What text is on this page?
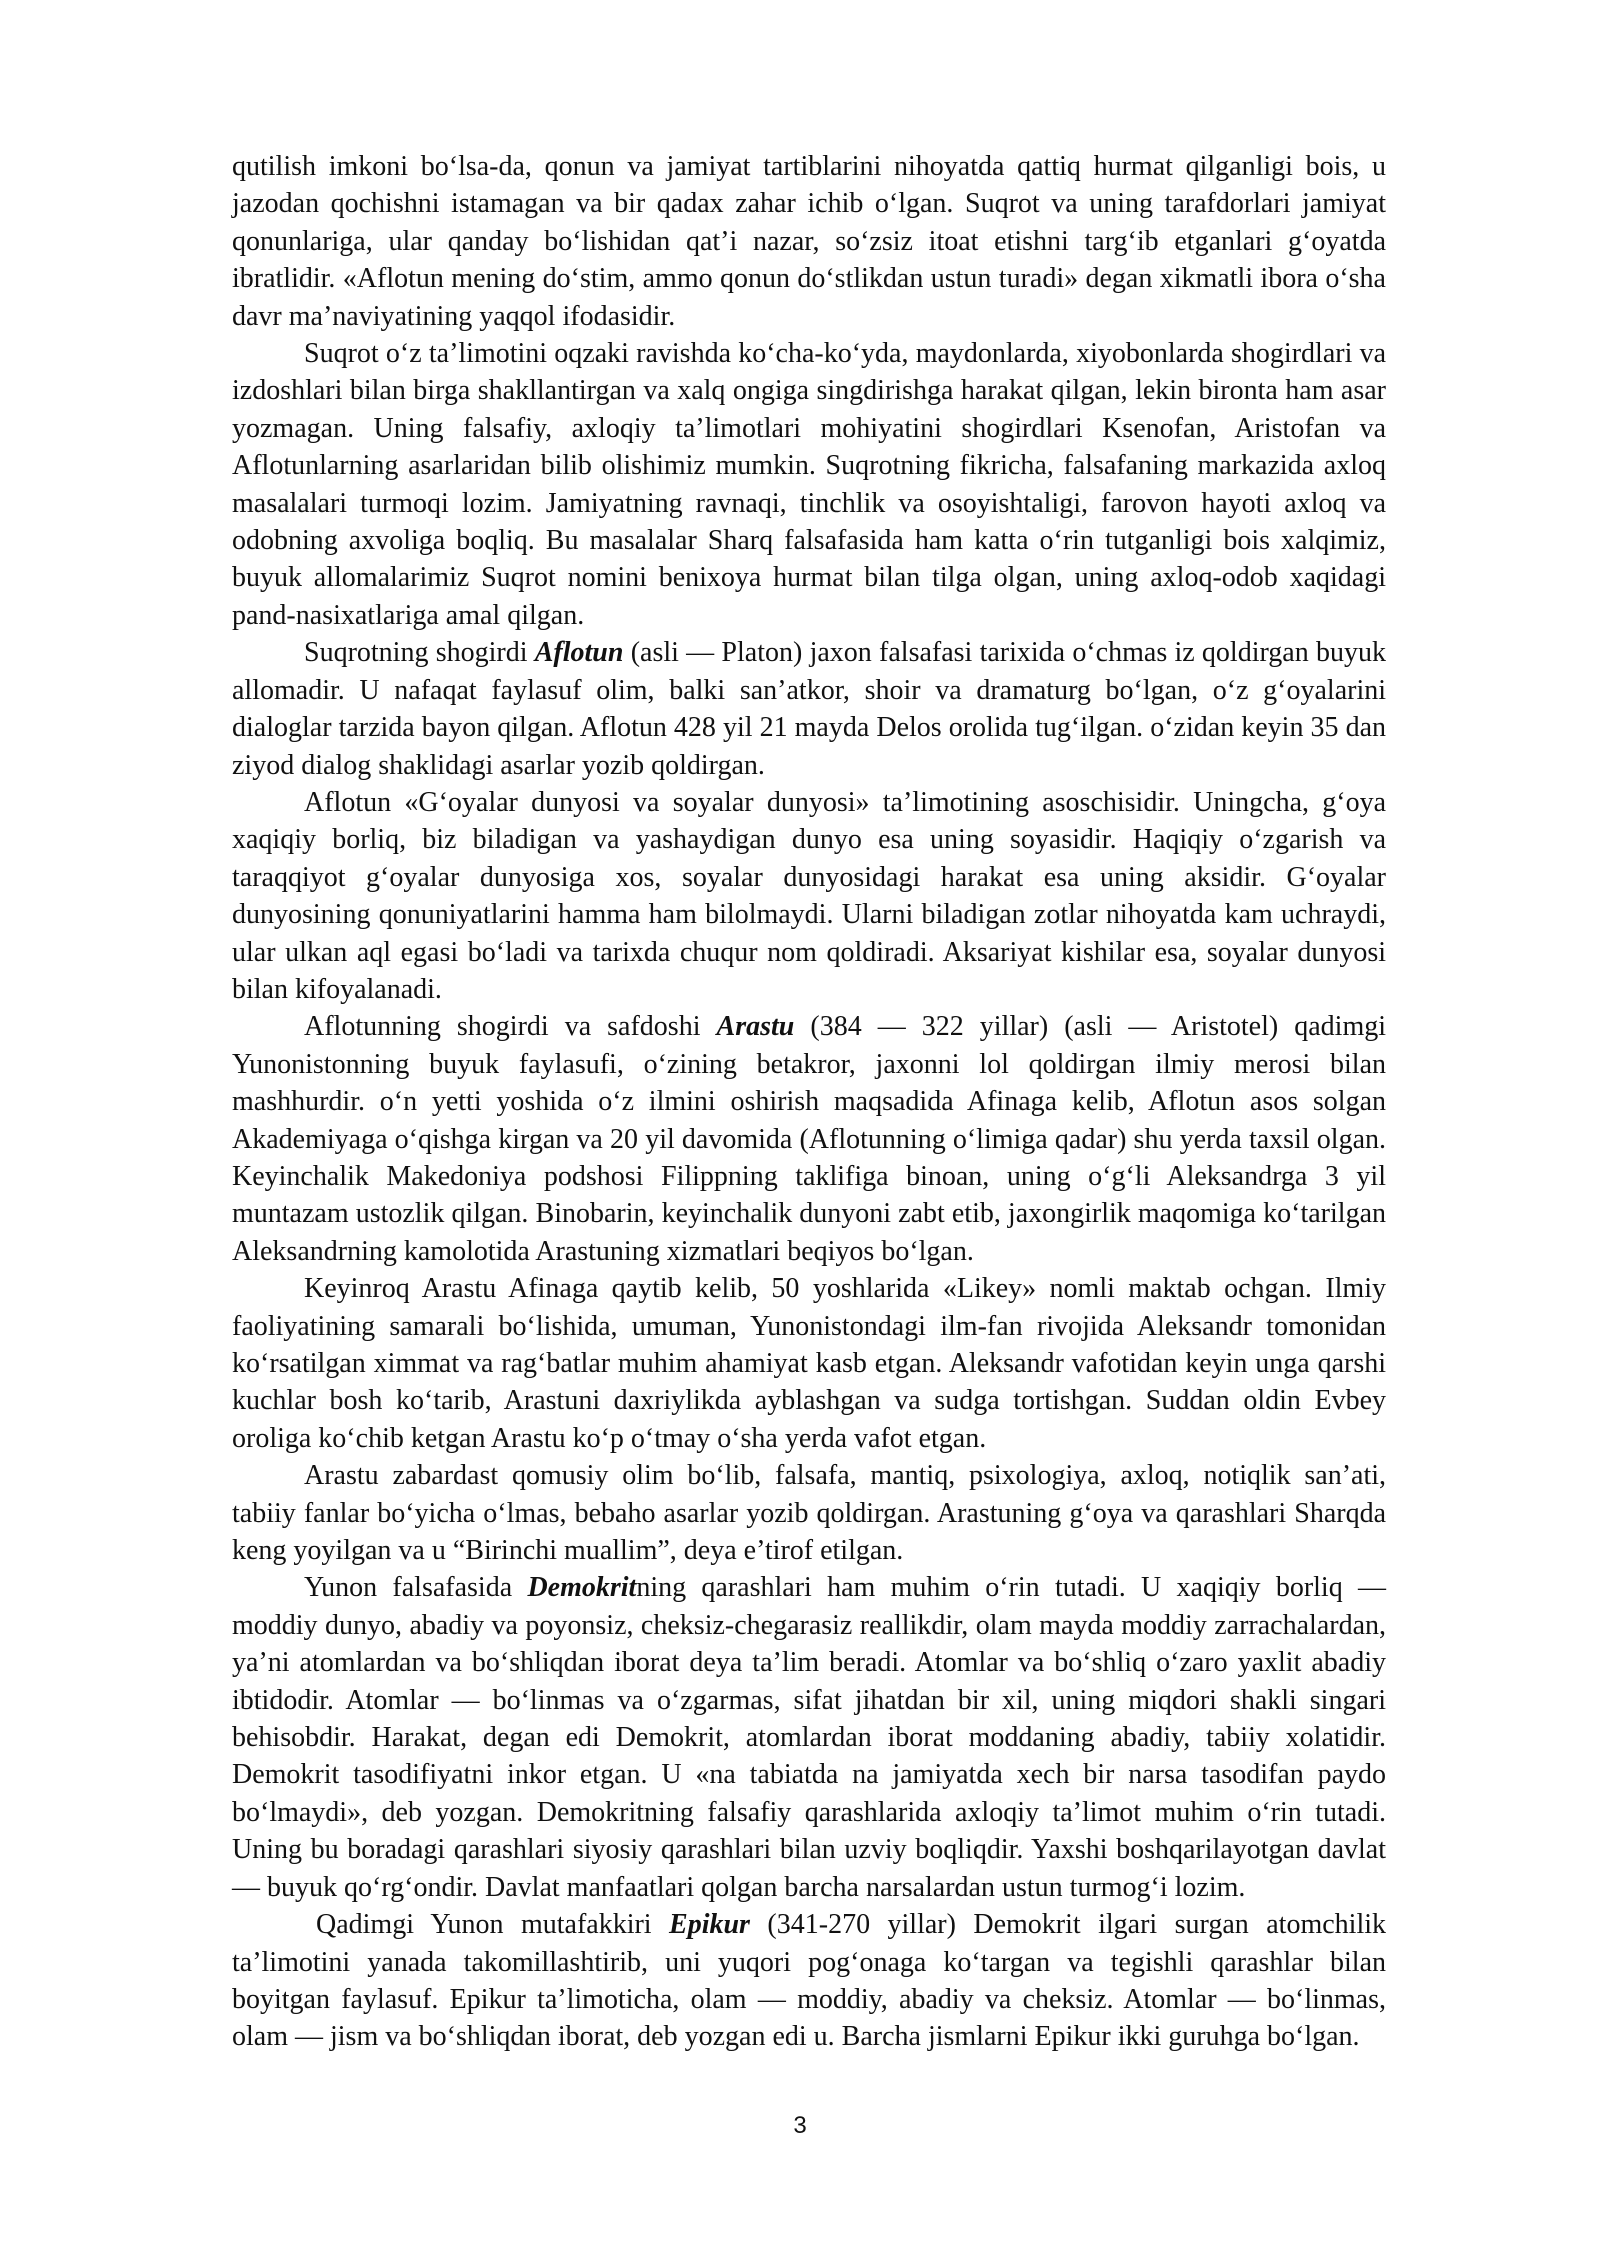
qutilish imkoni bo‘lsa-da, qonun va jamiyat tartiblarini nihoyatda qattiq hurmat qilganligi bois, u jazodan qochishni istamagan va bir qadax zahar ichib o‘lgan. Suqrot va uning tarafdorlari jamiyat qonunlariga, ular qanday bo‘lishidan qat’i nazar, so‘zsiz itoat etishni targ‘ib etganlari g‘oyatda ibratlidir. «Aflotun mening do‘stim, ammo qonun do‘stlikdan ustun turadi» degan xikmatli ibora o‘sha davr ma’naviyatining yaqqol ifodasidir.

Suqrot o‘z ta’limotini oqzaki ravishda ko‘cha-ko‘yda, maydonlarda, xiyobonlarda shogirdlari va izdoshlari bilan birga shakllantirgan va xalq ongiga singdirishga harakat qilgan, lekin bironta ham asar yozmagan. Uning falsafiy, axloqiy ta’limotlari mohiyatini shogirdlari Ksenofan, Aristofan va Aflotunlarning asarlaridan bilib olishimiz mumkin. Suqrotning fikricha, falsafaning markazida axloq masalalari turmoqi lozim. Jamiyatning ravnaqi, tinchlik va osoyishtaligi, farovon hayoti axloq va odobning axvoliga boqliq. Bu masalalar Sharq falsafasida ham katta o‘rin tutganligi bois xalqimiz, buyuk allomalarimiz Suqrot nomini benixoya hurmat bilan tilga olgan, uning axloq-odob xaqidagi pand-nasixatlariga amal qilgan.

Suqrotning shogirdi Aflotun (asli — Platon) jaxon falsafasi tarixida o‘chmas iz qoldirgan buyuk allomadir. U nafaqat faylasuf olim, balki san’atkor, shoir va dramaturg bo‘lgan, o‘z g‘oyalarini dialoglar tarzida bayon qilgan. Aflotun 428 yil 21 mayda Delos orolida tug‘ilgan. o‘zidan keyin 35 dan ziyod dialog shaklidagi asarlar yozib qoldirgan.

Aflotun «G‘oyalar dunyosi va soyalar dunyosi» ta’limotining asoschisidir. Uningcha, g‘oya xaqiqiy borliq, biz biladigan va yashaydigan dunyo esa uning soyasidir. Haqiqiy o‘zgarish va taraqqiyot g‘oyalar dunyosiga xos, soyalar dunyosidagi harakat esa uning aksidir. G‘oyalar dunyosining qonuniyatlarini hamma ham bilolmaydi. Ularni biladigan zotlar nihoyatda kam uchraydi, ular ulkan aql egasi bo‘ladi va tarixda chuqur nom qoldiradi. Aksariyat kishilar esa, soyalar dunyosi bilan kifoyalanadi.

Aflotunning shogirdi va safdoshi Arastu (384 — 322 yillar) (asli — Aristotel) qadimgi Yunonistonning buyuk faylasufi, o‘zining betakror, jaxonni lol qoldirgan ilmiy merosi bilan mashhurdir. o‘n yetti yoshida o‘z ilmini oshirish maqsadida Afinaga kelib, Aflotun asos solgan Akademiyaga o‘qishga kirgan va 20 yil davomida (Aflotunning o‘limiga qadar) shu yerda taxsil olgan. Keyinchalik Makedoniya podshosi Filippning taklifiga binoan, uning o‘g‘li Aleksandrga 3 yil muntazam ustozlik qilgan. Binobarin, keyinchalik dunyoni zabt etib, jaxongirlik maqomiga ko‘tarilgan Aleksandrning kamolotida Arastuning xizmatlari beqiyos bo‘lgan.

Keyinroq Arastu Afinaga qaytib kelib, 50 yoshlarida «Likey» nomli maktab ochgan. Ilmiy faoliyatining samarali bo‘lishida, umuman, Yunonistondagi ilm-fan rivojida Aleksandr tomonidan ko‘rsatilgan ximmat va rag‘batlar muhim ahamiyat kasb etgan. Aleksandr vafotidan keyin unga qarshi kuchlar bosh ko‘tarib, Arastuni daxriylikda ayblashgan va sudga tortishgan. Suddan oldin Evbey oroliga ko‘chib ketgan Arastu ko‘p o‘tmay o‘sha yerda vafot etgan.

Arastu zabardast qomusiy olim bo‘lib, falsafa, mantiq, psixologiya, axloq, notiqlik san’ati, tabiiy fanlar bo‘yicha o‘lmas, bebaho asarlar yozib qoldirgan. Arastuning g‘oya va qarashlari Sharqda keng yoyilgan va u “Birinchi muallim”, deya e’tirof etilgan.

Yunon falsafasida Demokritning qarashlari ham muhim o‘rin tutadi. U xaqiqiy borliq — moddiy dunyo, abadiy va poyonsiz, cheksiz-chegarasiz reallikdir, olam mayda moddiy zarrachalardan, ya’ni atomlardan va bo‘shliqdan iborat deya ta’lim beradi. Atomlar va bo‘shliq o‘zaro yaxlit abadiy ibtidodir. Atomlar — bo‘linmas va o‘zgarmas, sifat jihatdan bir xil, uning miqdori shakli singari behisobdir. Harakat, degan edi Demokrit, atomlardan iborat moddaning abadiy, tabiiy xolatidir. Demokrit tasodifiyatni inkor etgan. U «na tabiatda na jamiyatda xech bir narsa tasodifan paydo bo‘lmaydi», deb yozgan. Demokritning falsafiy qarashlarida axloqiy ta’limot muhim o‘rin tutadi. Uning bu boradagi qarashlari siyosiy qarashlari bilan uzviy boqliqdir. Yaxshi boshqarilayotgan davlat — buyuk qo‘rg‘ondir. Davlat manfaatlari qolgan barcha narsalardan ustun turmog‘i lozim.

Qadimgi Yunon mutafakkiri Epikur (341-270 yillar) Demokrit ilgari surgan atomchilik ta’limotini yanada takomillashtirib, uni yuqori pog‘onaga ko‘targan va tegishli qarashlar bilan boyitgan faylasuf. Epikur ta’limoticha, olam — moddiy, abadiy va cheksiz. Atomlar — bo‘linmas, olam — jism va bo‘shliqdan iborat, deb yozgan edi u. Barcha jismlarni Epikur ikki guruhga bo‘lgan.

3
